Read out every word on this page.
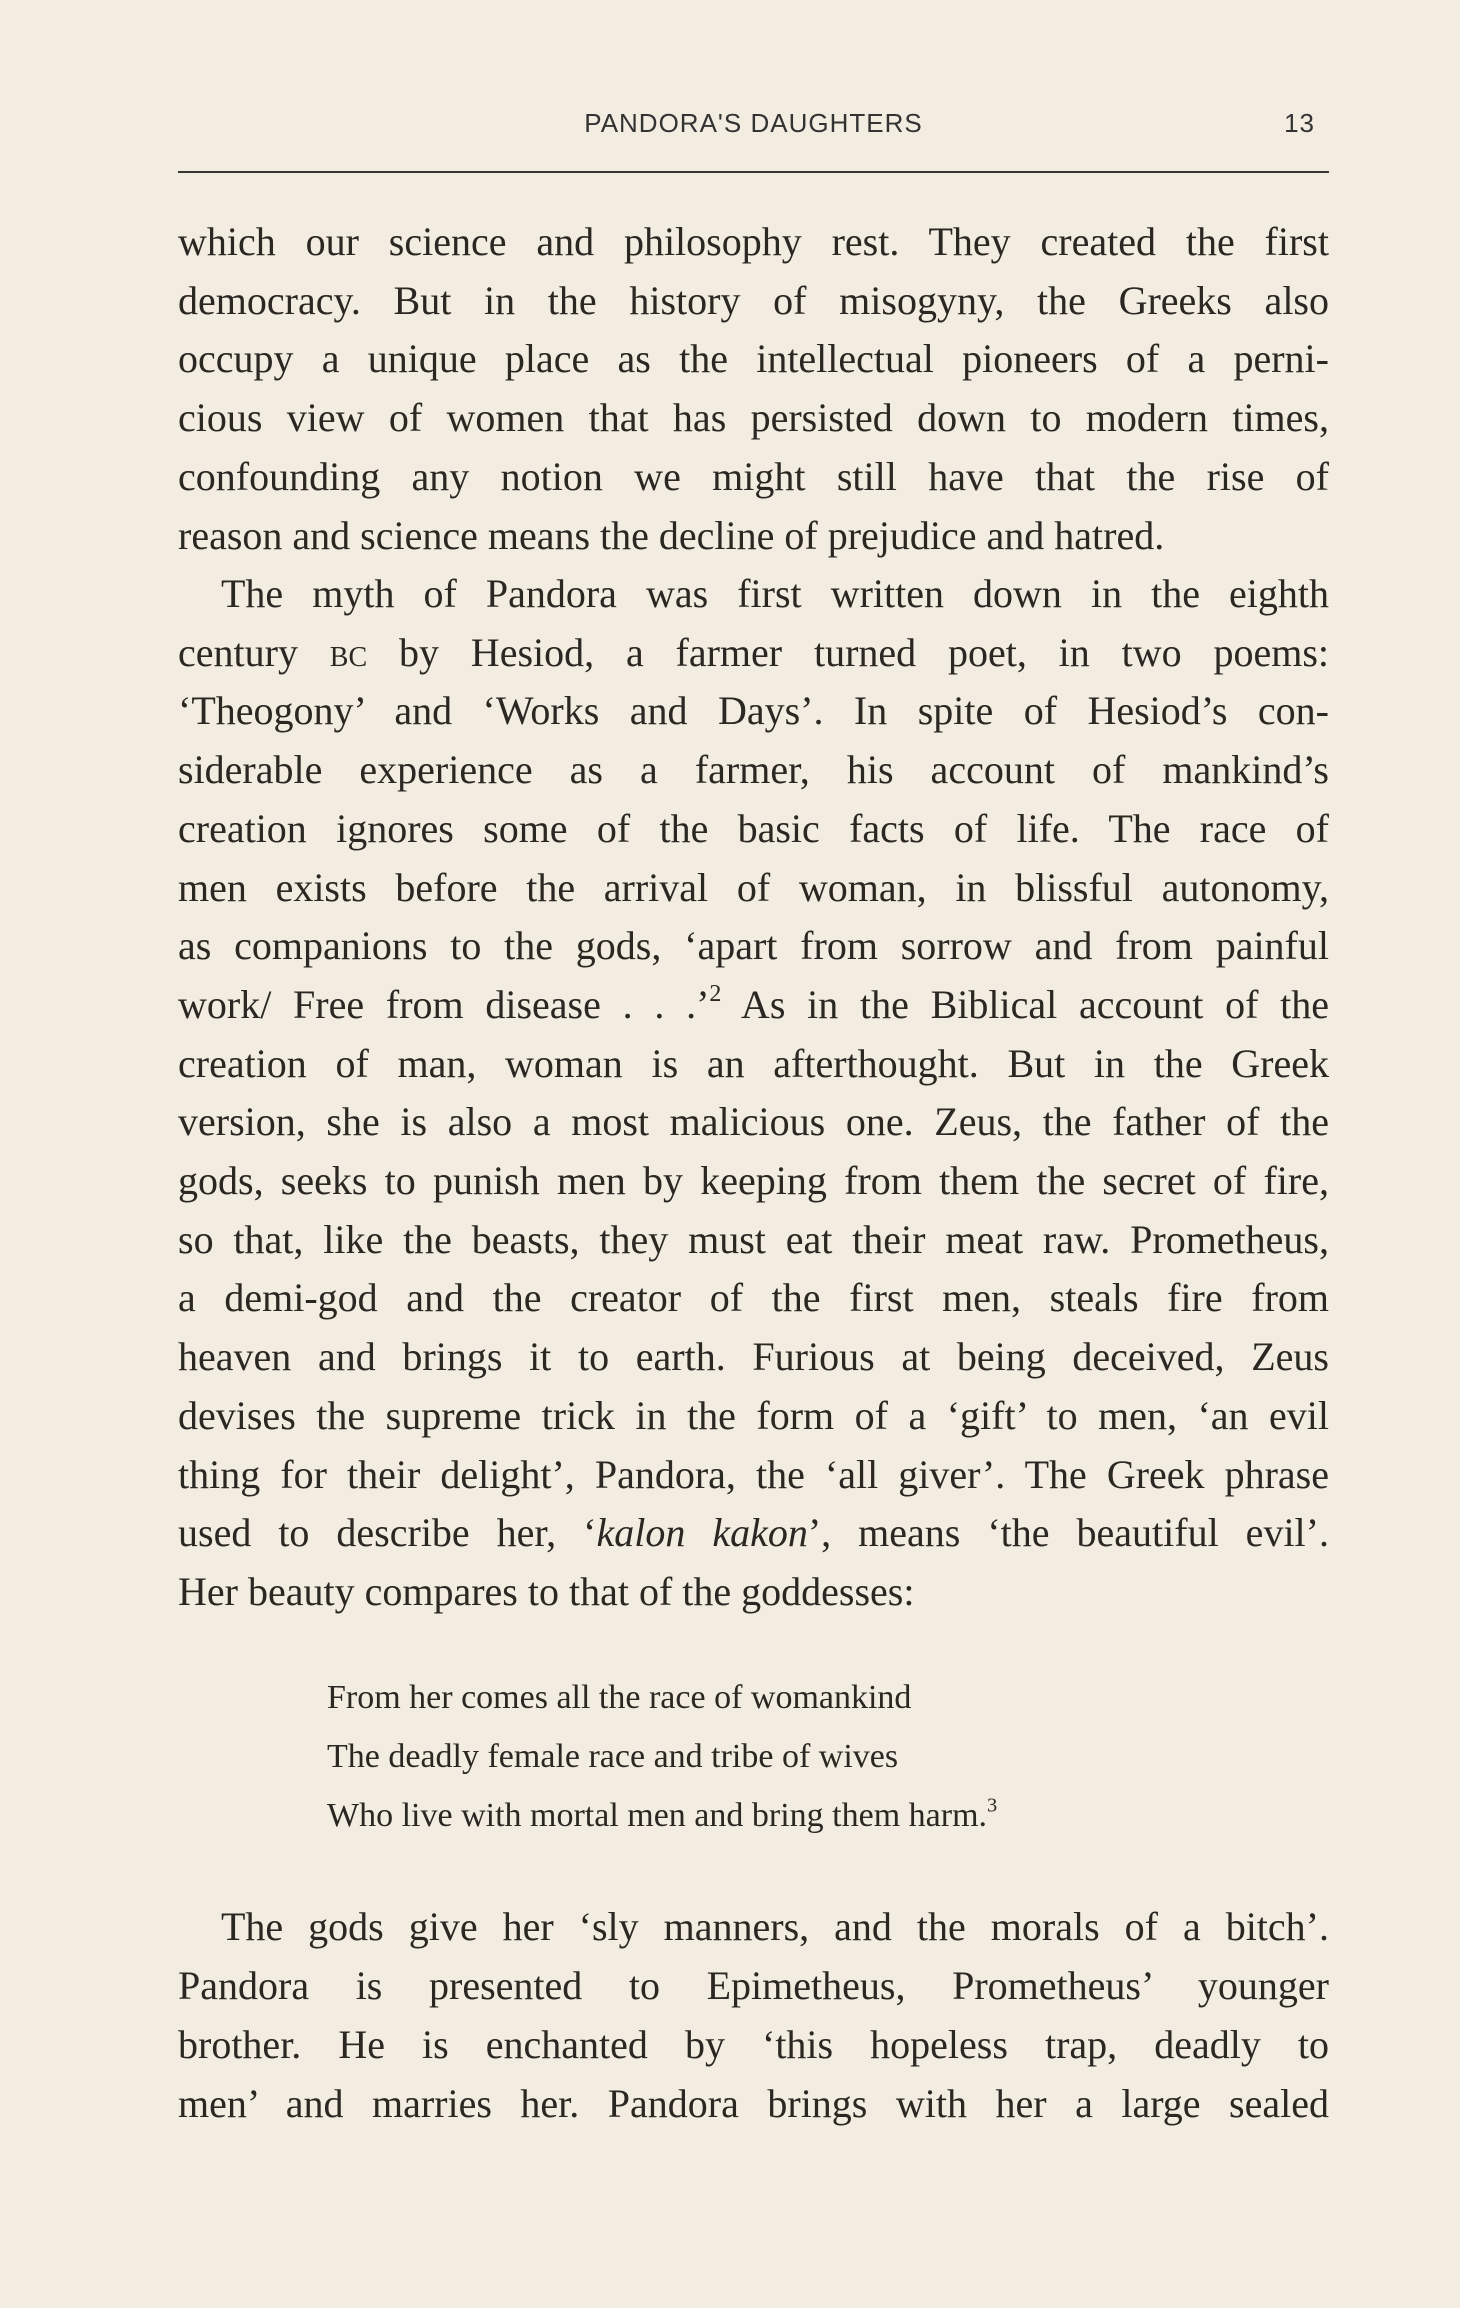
PANDORA'S DAUGHTERS	13
which our science and philosophy rest. They created the first
democracy. But in the history of misogyny, the Greeks also
occupy a unique place as the intellectual pioneers of a perni-
cious view of women that has persisted down to modern times,
confounding any notion we might still have that the rise of
reason and science means the decline of prejudice and hatred.
The myth of Pandora was first written down in the eighth
century bc by Hesiod, a farmer turned poet, in two poems:
‘Theogony’ and ‘Works and Days’. In spite of Hesiod’s con-
siderable experience as a farmer, his account of mankind’s
creation ignores some of the basic facts of life. The race of
men exists before the arrival of woman, in blissful autonomy,
as companions to the gods, ‘apart from sorrow and from painful
work/ Free from disease . . .’$^2$ As in the Biblical account of the
creation of man, woman is an afterthought. But in the Greek
version, she is also a most malicious one. Zeus, the father of the
gods, seeks to punish men by keeping from them the secret of fire,
so that, like the beasts, they must eat their meat raw. Prometheus,
a demi-god and the creator of the first men, steals fire from
heaven and brings it to earth. Furious at being deceived, Zeus
devises the supreme trick in the form of a ‘gift’ to men, ‘an evil
thing for their delight’, Pandora, the ‘all giver’. The Greek phrase
used to describe her, ‘kalon kakon’, means ‘the beautiful evil’.
Her beauty compares to that of the goddesses:
From her comes all the race of womankind
The deadly female race and tribe of wives
Who live with mortal men and bring them harm.$^3$
The gods give her ‘sly manners, and the morals of a bitch’.
Pandora is presented to Epimetheus, Prometheus’ younger
brother. He is enchanted by ‘this hopeless trap, deadly to
men’ and marries her. Pandora brings with her a large sealed
